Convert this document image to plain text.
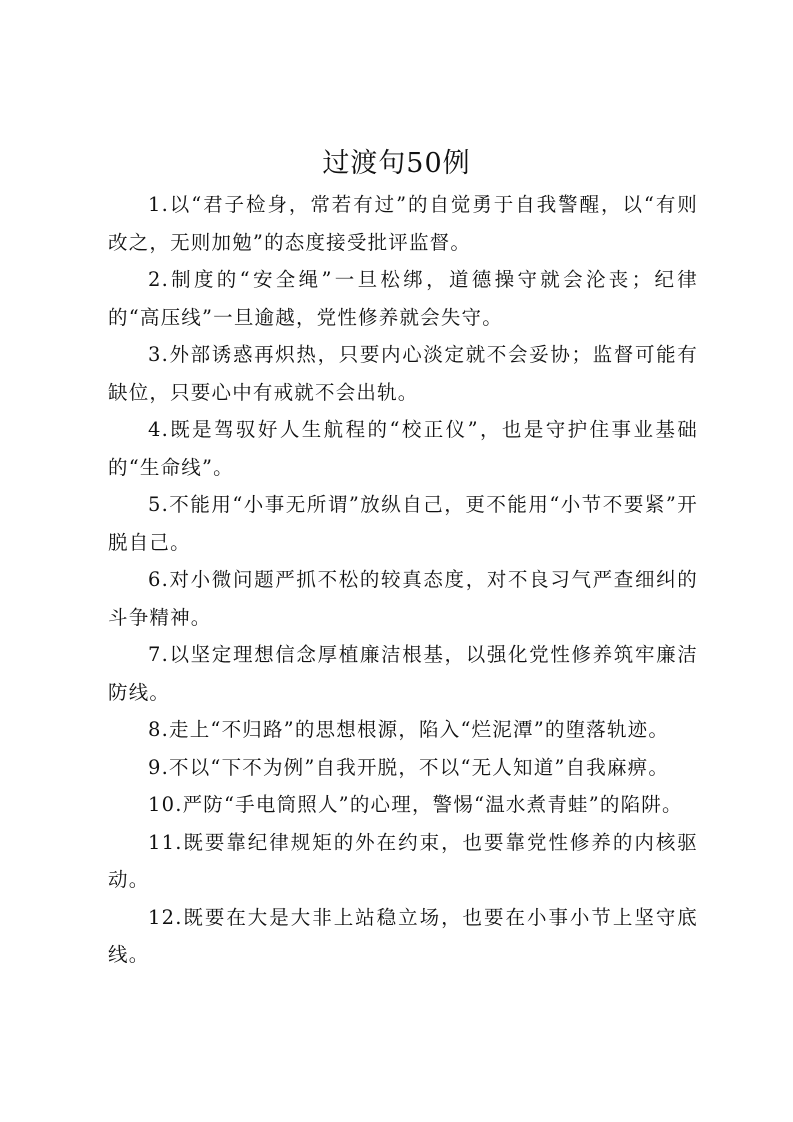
过渡句50例

1.以“君子检身，常若有过”的自觉勇于自我警醒，以“有则改之，无则加勉”的态度接受批评监督。

2.制度的“安全绳”一旦松绑，道德操守就会沦丧；纪律的“高压线”一旦逾越，党性修养就会失守。

3.外部诱惑再炽热，只要内心淡定就不会妥协；监督可能有缺位，只要心中有戒就不会出轨。

4.既是驾驭好人生航程的“校正仪”，也是守护住事业基础的“生命线”。

5.不能用“小事无所谓”放纵自己，更不能用“小节不要紧”开脱自己。

6.对小微问题严抓不松的较真态度，对不良习气严查细纠的斗争精神。

7.以坚定理想信念厚植廉洁根基，以强化党性修养筑牢廉洁防线。

8.走上“不归路”的思想根源，陷入“烂泥潭”的堕落轨迹。

9.不以“下不为例”自我开脱，不以“无人知道”自我麻痹。

10.严防“手电筒照人”的心理，警惕“温水煮青蛙”的陷阱。

11.既要靠纪律规矩的外在约束，也要靠党性修养的内核驱动。

12.既要在大是大非上站稳立场，也要在小事小节上坚守底线。
